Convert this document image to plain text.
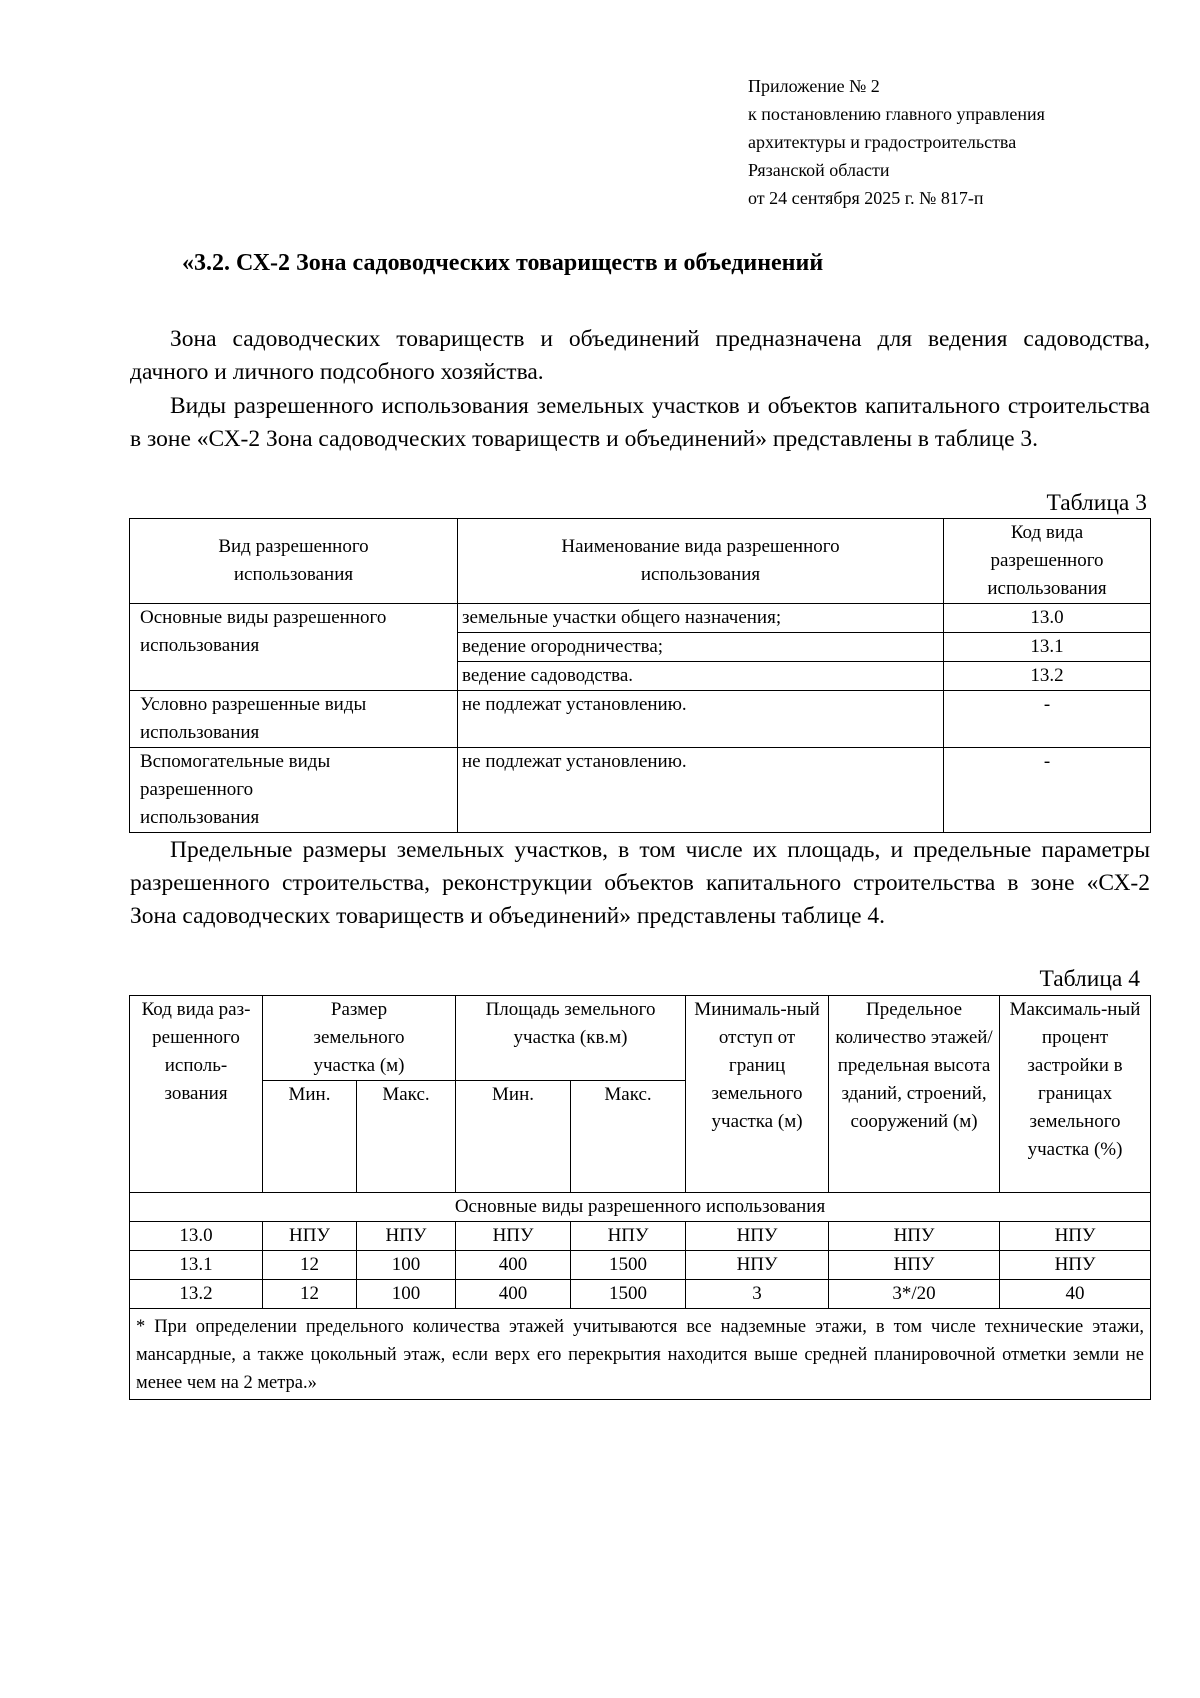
Приложение № 2
к постановлению главного управления
архитектуры и градостроительства
Рязанской области
от 24 сентября 2025 г. № 817-п
«3.2. СХ-2 Зона садоводческих товариществ и объединений

Зона садоводческих товариществ и объединений предназначена для ведения садоводства, дачного и личного подсобного хозяйства.

Виды разрешенного использования земельных участков и объектов капитального строительства в зоне «СХ-2 Зона садоводческих товариществ и объединений» представлены в таблице 3.

Таблица 3
Вид разрешенного использования	Наименование вида разрешенного использования	Код вида разрешенного использования
Основные виды разрешенного использования	земельные участки общего назначения;	13.0
	ведение огородничества;	13.1
	ведение садоводства.	13.2
Условно разрешенные виды использования	не подлежат установлению.	-
Вспомогательные виды разрешенного использования	не подлежат установлению.	-

Предельные размеры земельных участков, в том числе их площадь, и предельные параметры разрешенного строительства, реконструкции объектов капитального строительства в зоне «СХ-2 Зона садоводческих товариществ и объединений» представлены таблице 4.

Таблица 4
Код вида раз-решенного исполь-зования	Размер земельного участка (м)		Площадь земельного участка (кв.м)		Минималь-ный отступ от границ земельного участка (м)	Предельное количество этажей/ предельная высота зданий, строений, сооружений (м)	Максималь-ный процент застройки в границах земельного участка (%)
	Мин.	Макс.	Мин.	Макс.			
Основные виды разрешенного использования							
13.0	НПУ	НПУ	НПУ	НПУ	НПУ	НПУ	НПУ
13.1	12	100	400	1500	НПУ	НПУ	НПУ
13.2	12	100	400	1500	3	3*/20	40
* При определении предельного количества этажей учитываются все надземные этажи, в том числе технические этажи, мансардные, а также цокольный этаж, если верх его перекрытия находится выше средней планировочной отметки земли не менее чем на 2 метра.»							
